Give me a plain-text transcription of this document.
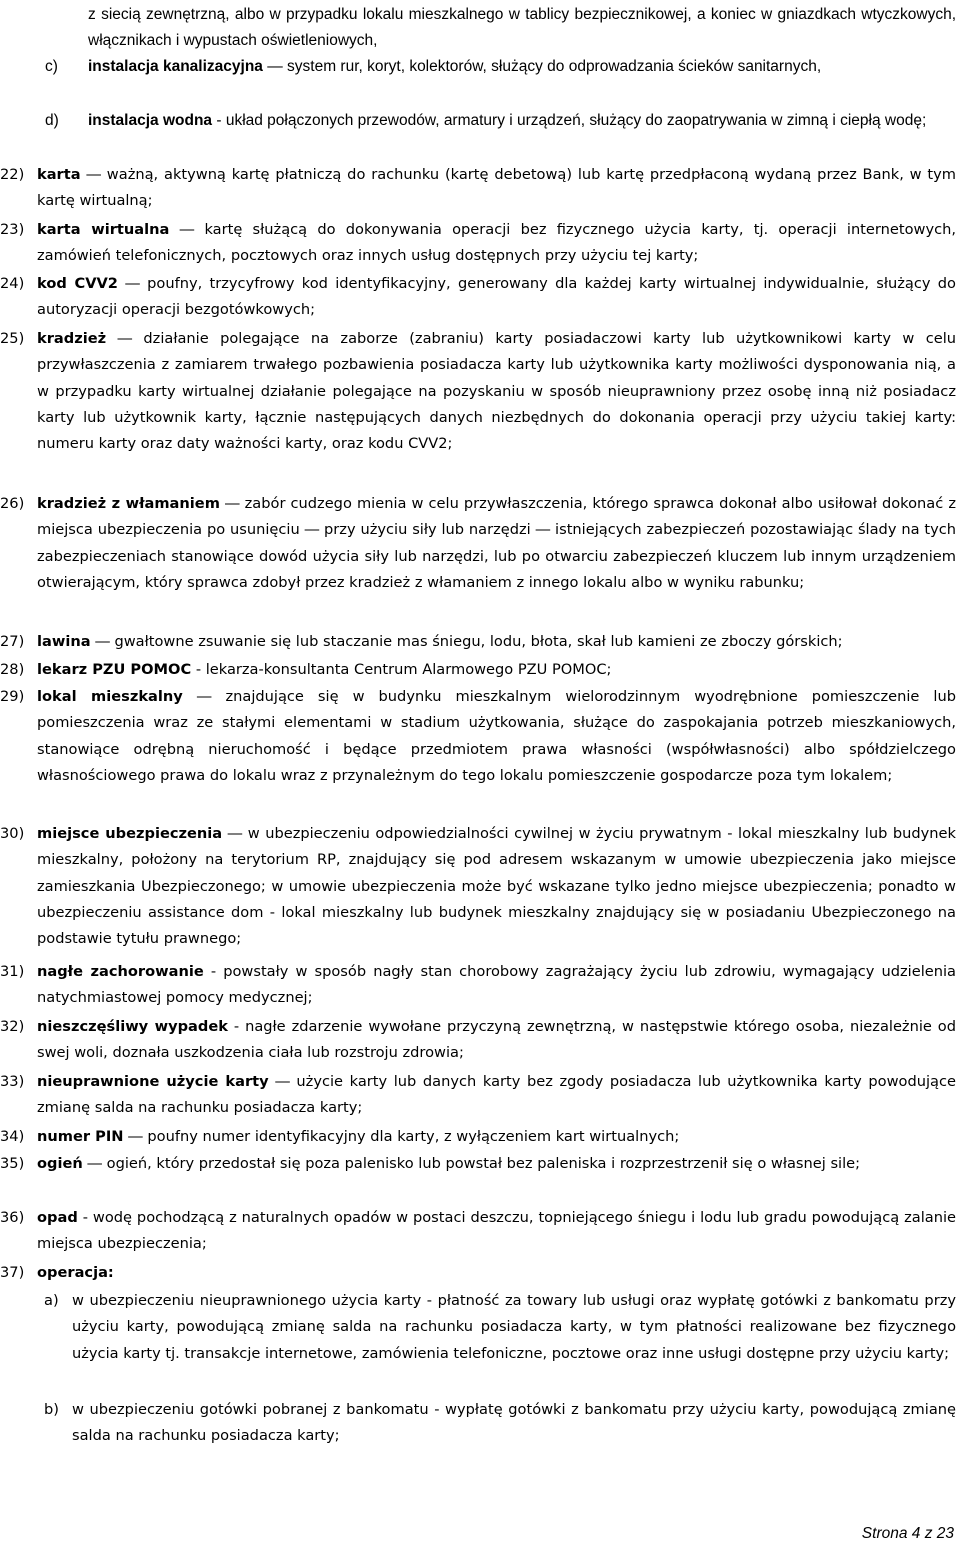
z siecią zewnętrzną, albo w przypadku lokalu mieszkalnego w tablicy bezpiecznikowej, a koniec w gniazdkach wtyczkowych, włącznikach i wypustach oświetleniowych,
c) instalacja kanalizacyjna ― system rur, koryt, kolektorów, służący do odprowadzania ścieków sanitarnych,
d) instalacja wodna - układ połączonych przewodów, armatury i urządzeń, służący do zaopatrywania w zimną i ciepłą wodę;
22) karta ― ważną, aktywną kartę płatniczą do rachunku (kartę debetową) lub kartę przedpłaconą wydaną przez Bank, w tym kartę wirtualną;
23) karta wirtualna ― kartę służącą do dokonywania operacji bez fizycznego użycia karty, tj. operacji internetowych, zamówień telefonicznych, pocztowych oraz innych usług dostępnych przy użyciu tej karty;
24) kod CVV2 ― poufny, trzycyfrowy kod identyfikacyjny, generowany dla każdej karty wirtualnej indywidualnie, służący do autoryzacji operacji bezgotówkowych;
25) kradzież ― działanie polegające na zaborze (zabraniu) karty posiadaczowi karty lub użytkownikowi karty w celu przywłaszczenia z zamiarem trwałego pozbawienia posiadacza karty lub użytkownika karty możliwości dysponowania nią, a w przypadku karty wirtualnej działanie polegające na pozyskaniu w sposób nieuprawniony przez osobę inną niż posiadacz karty lub użytkownik karty, łącznie następujących danych niezbędnych do dokonania operacji przy użyciu takiej karty: numeru karty oraz daty ważności karty, oraz kodu CVV2;
26) kradzież z włamaniem ― zabór cudzego mienia w celu przywłaszczenia, którego sprawca dokonał albo usiłował dokonać z miejsca ubezpieczenia po usunięciu ― przy użyciu siły lub narzędzi ― istniejących zabezpieczeń pozostawiając ślady na tych zabezpieczeniach stanowiące dowód użycia siły lub narzędzi, lub po otwarciu zabezpieczeń kluczem lub innym urządzeniem otwierającym, który sprawca zdobył przez kradzież z włamaniem z innego lokalu albo w wyniku rabunku;
27) lawina ― gwałtowne zsuwanie się lub staczanie mas śniegu, lodu, błota, skał lub kamieni ze zboczy górskich;
28) lekarz PZU POMOC - lekarza-konsultanta Centrum Alarmowego PZU POMOC;
29) lokal mieszkalny ― znajdujące się w budynku mieszkalnym wielorodzinnym wyodrębnione pomieszczenie lub pomieszczenia wraz ze stałymi elementami w stadium użytkowania, służące do zaspokajania potrzeb mieszkaniowych, stanowiące odrębną nieruchomość i będące przedmiotem prawa własności (współwłasności) albo spółdzielczego własnościowego prawa do lokalu wraz z przynależnym do tego lokalu pomieszczenie gospodarcze poza tym lokalem;
30) miejsce ubezpieczenia ― w ubezpieczeniu odpowiedzialności cywilnej w życiu prywatnym - lokal mieszkalny lub budynek mieszkalny, położony na terytorium RP, znajdujący się pod adresem wskazanym w umowie ubezpieczenia jako miejsce zamieszkania Ubezpieczonego; w umowie ubezpieczenia może być wskazane tylko jedno miejsce ubezpieczenia; ponadto w ubezpieczeniu assistance dom - lokal mieszkalny lub budynek mieszkalny znajdujący się w posiadaniu Ubezpieczonego na podstawie tytułu prawnego;
31) nagłe zachorowanie - powstały w sposób nagły stan chorobowy zagrażający życiu lub zdrowiu, wymagający udzielenia natychmiastowej pomocy medycznej;
32) nieszczęśliwy wypadek - nagłe zdarzenie wywołane przyczyną zewnętrzną, w następstwie którego osoba, niezależnie od swej woli, doznała uszkodzenia ciała lub rozstroju zdrowia;
33) nieuprawnione użycie karty ― użycie karty lub danych karty bez zgody posiadacza lub użytkownika karty powodujące zmianę salda na rachunku posiadacza karty;
34) numer PIN ― poufny numer identyfikacyjny dla karty, z wyłączeniem kart wirtualnych;
35) ogień ― ogień, który przedostał się poza palenisko lub powstał bez paleniska i rozprzestrzenił się o własnej sile;
36) opad - wodę pochodzącą z naturalnych opadów w postaci deszczu, topniejącego śniegu i lodu lub gradu powodującą zalanie miejsca ubezpieczenia;
37) operacja:
a) w ubezpieczeniu nieuprawnionego użycia karty - płatność za towary lub usługi oraz wypłatę gotówki z bankomatu przy użyciu karty, powodującą zmianę salda na rachunku posiadacza karty, w tym płatności realizowane bez fizycznego użycia karty tj. transakcje internetowe, zamówienia telefoniczne, pocztowe oraz inne usługi dostępne przy użyciu karty;
b) w ubezpieczeniu gotówki pobranej z bankomatu - wypłatę gotówki z bankomatu przy użyciu karty, powodującą zmianę salda na rachunku posiadacza karty;
Strona 4 z 23
